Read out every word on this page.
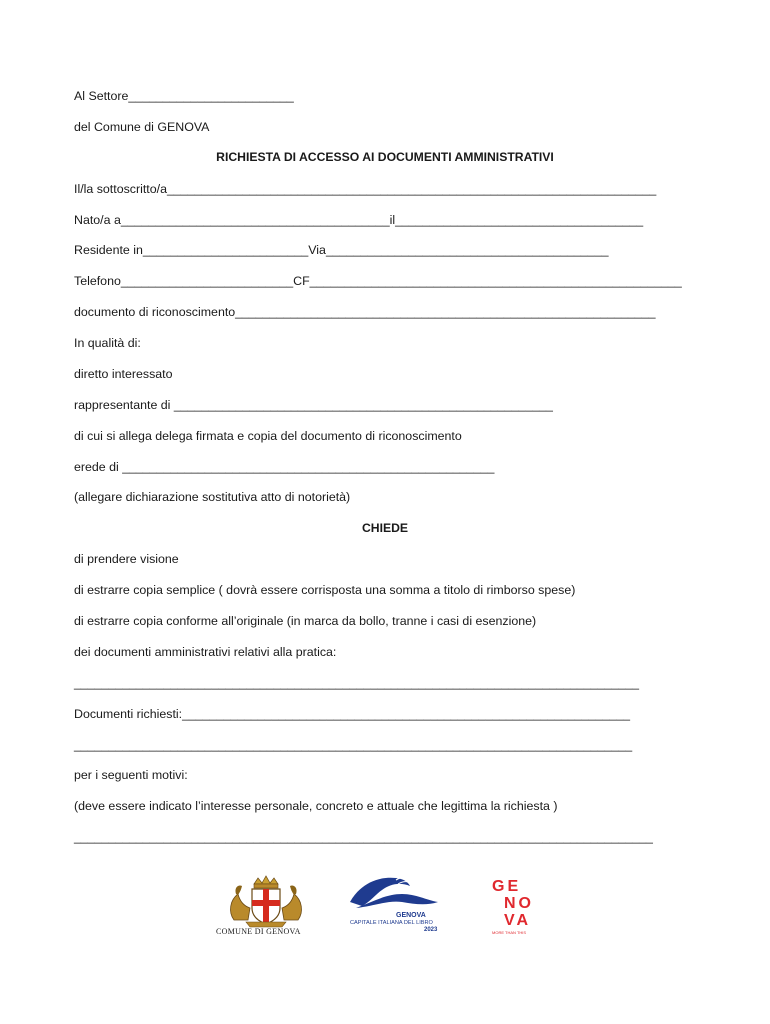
Al Settore________________________
del Comune di GENOVA
RICHIESTA DI ACCESSO AI DOCUMENTI AMMINISTRATIVI
Il/la sottoscritto/a_______________________________________________________________________
Nato/a a_______________________________________il____________________________________
Residente in________________________Via_________________________________________
Telefono_________________________CF______________________________________________________
documento di riconoscimento_____________________________________________________________
In qualità di:
diretto interessato
rappresentante di _______________________________________________________
di cui si allega delega firmata e copia del documento di riconoscimento
erede di ______________________________________________________
(allegare dichiarazione sostitutiva atto di notorietà)
CHIEDE
di prendere visione
di estrarre copia semplice ( dovrà essere corrisposta una somma a titolo di rimborso spese)
di estrarre copia conforme all’originale (in marca da bollo, tranne i casi di esenzione)
dei documenti amministrativi relativi alla pratica:
__________________________________________________________________________________
Documenti richiesti:_________________________________________________________________
_________________________________________________________________________________
per i seguenti motivi:
(deve essere indicato l’interesse personale, concreto e attuale che legittima la richiesta )
____________________________________________________________________________________
COMUNE DI GENOVA
GENOVA
CAPITALE ITALIANA DEL LIBRO
2023
GE
NO
VA
MORE THAN THIS
